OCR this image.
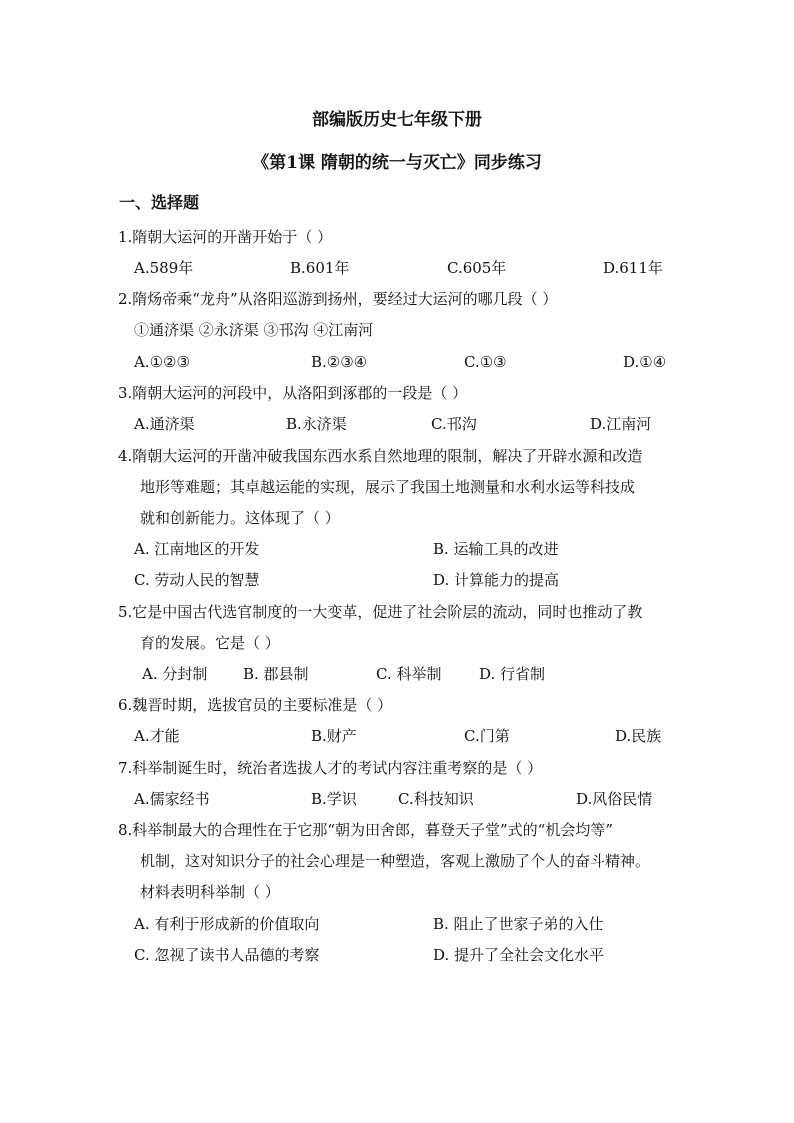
部编版历史七年级下册
《第1课 隋朝的统一与灭亡》同步练习
一、选择题
1.隋朝大运河的开凿开始于（ ）
A.589年	B.601年	C.605年	D.611年
2.隋炀帝乘“龙舟”从洛阳巡游到扬州，要经过大运河的哪几段（ ）
①通济渠 ②永济渠 ③邗沟 ④江南河
A.①②③	B.②③④	C.①③	D.①④
3.隋朝大运河的河段中，从洛阳到涿郡的一段是（ ）
A.通济渠	B.永济渠	C.邗沟	D.江南河
4.隋朝大运河的开凿冲破我国东西水系自然地理的限制，解决了开辟水源和改造
地形等难题；其卓越运能的实现，展示了我国土地测量和水利水运等科技成
就和创新能力。这体现了（ ）
A. 江南地区的开发	B. 运输工具的改进
C. 劳动人民的智慧	D. 计算能力的提高
5.它是中国古代选官制度的一大变革，促进了社会阶层的流动，同时也推动了教
育的发展。它是（ ）
A. 分封制 B. 郡县制	C. 科举制	D. 行省制
6.魏晋时期，选拔官员的主要标准是（ ）
A.才能	B.财产	C.门第	D.民族
7.科举制诞生时，统治者选拔人才的考试内容注重考察的是（ ）
A.儒家经书	B.学识	C.科技知识	D.风俗民情
8.科举制最大的合理性在于它那“朝为田舍郎，暮登天子堂”式的“机会均等”
机制，这对知识分子的社会心理是一种塑造，客观上激励了个人的奋斗精神。
材料表明科举制（ ）
A. 有利于形成新的价值取向	B. 阻止了世家子弟的入仕
C. 忽视了读书人品德的考察	D. 提升了全社会文化水平
